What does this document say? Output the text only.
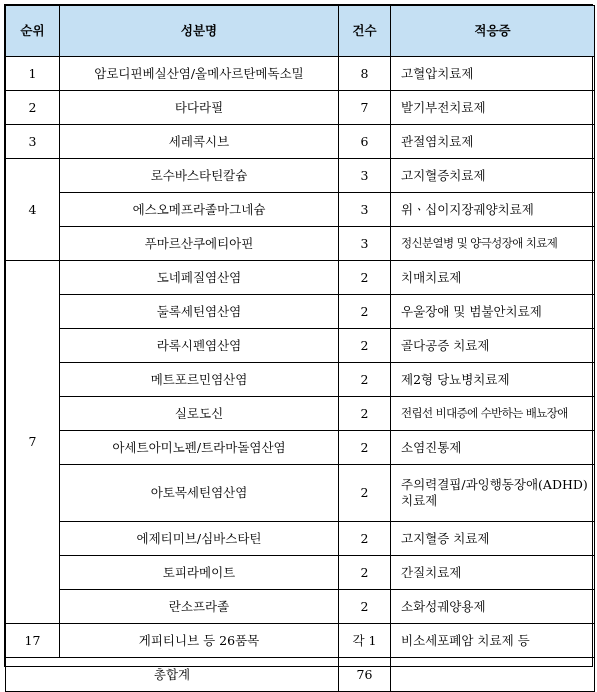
순위	성분명	건수	적응증
1	암로디핀베실산염/올메사르탄메독소밀	8	고혈압치료제
2	타다라필	7	발기부전치료제
3	세레콕시브	6	관절염치료제
4	로수바스타틴칼슘	3	고지혈증치료제
	에스오메프라졸마그네슘	3	위ㆍ십이지장궤양치료제
	푸마르산쿠에티아핀	3	정신분열병 및 양극성장애 치료제
7	도네페질염산염	2	치매치료제
	둘록세틴염산염	2	우울장애 및 범불안치료제
	라록시펜염산염	2	골다공증 치료제
	메트포르민염산염	2	제2형 당뇨병치료제
	실로도신	2	전립선 비대증에 수반하는 배뇨장애
	아세트아미노펜/트라마돌염산염	2	소염진통제
	아토목세틴염산염	2	주의력결핍/과잉행동장애(ADHD) 치료제
	에제티미브/심바스타틴	2	고지혈증 치료제
	토피라메이트	2	간질치료제
	란소프라졸	2	소화성궤양용제
17	게피티니브 등 26품목	각 1	비소세포폐암 치료제 등
총합계		76	
